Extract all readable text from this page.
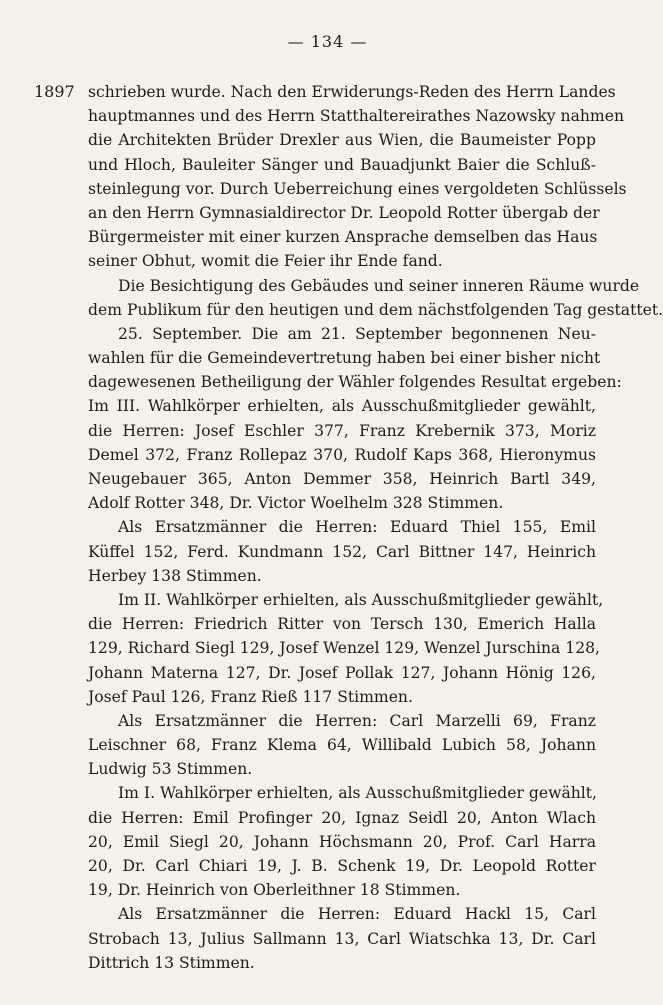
— 134 —
1897 schrieben wurde. Nach den Erwiderungs-Reden des Herrn Landes
hauptmannes und des Herrn Statthaltereirathes Nazowsky nahmen
die Architekten Brüder Drexler aus Wien, die Baumeister Popp
und Hloch, Bauleiter Sänger und Bauadjunkt Baier die Schluß-
steinlegung vor. Durch Ueberreichung eines vergoldeten Schlüssels
an den Herrn Gymnasialdirector Dr. Leopold Rotter übergab der
Bürgermeister mit einer kurzen Ansprache demselben das Haus
seiner Obhut, womit die Feier ihr Ende fand.
Die Besichtigung des Gebäudes und seiner inneren Räume wurde
dem Publikum für den heutigen und dem nächstfolgenden Tag gestattet.
25. September. Die am 21. September begonnenen Neu-
wahlen für die Gemeindevertretung haben bei einer bisher nicht
dagewesenen Betheiligung der Wähler folgendes Resultat ergeben:
Im III. Wahlkörper erhielten, als Ausschußmitglieder gewählt,
die Herren: Josef Eschler 377, Franz Krebernik 373, Moriz
Demel 372, Franz Rollepaz 370, Rudolf Kaps 368, Hieronymus
Neugebauer 365, Anton Demmer 358, Heinrich Bartl 349,
Adolf Rotter 348, Dr. Victor Woelhelm 328 Stimmen.
Als Ersatzmänner die Herren: Eduard Thiel 155, Emil
Küffel 152, Ferd. Kundmann 152, Carl Bittner 147, Heinrich
Herbey 138 Stimmen.
Im II. Wahlkörper erhielten, als Ausschußmitglieder gewählt,
die Herren: Friedrich Ritter von Tersch 130, Emerich Halla
129, Richard Siegl 129, Josef Wenzel 129, Wenzel Jurschina 128,
Johann Materna 127, Dr. Josef Pollak 127, Johann Hönig 126,
Josef Paul 126, Franz Rieß 117 Stimmen.
Als Ersatzmänner die Herren: Carl Marzelli 69, Franz
Leischner 68, Franz Klema 64, Willibald Lubich 58, Johann
Ludwig 53 Stimmen.
Im I. Wahlkörper erhielten, als Ausschußmitglieder gewählt,
die Herren: Emil Profinger 20, Ignaz Seidl 20, Anton Wlach
20, Emil Siegl 20, Johann Höchsmann 20, Prof. Carl Harra
20, Dr. Carl Chiari 19, J. B. Schenk 19, Dr. Leopold Rotter
19, Dr. Heinrich von Oberleithner 18 Stimmen.
Als Ersatzmänner die Herren: Eduard Hackl 15, Carl
Strobach 13, Julius Sallmann 13, Carl Wiatschka 13, Dr. Carl
Dittrich 13 Stimmen.
